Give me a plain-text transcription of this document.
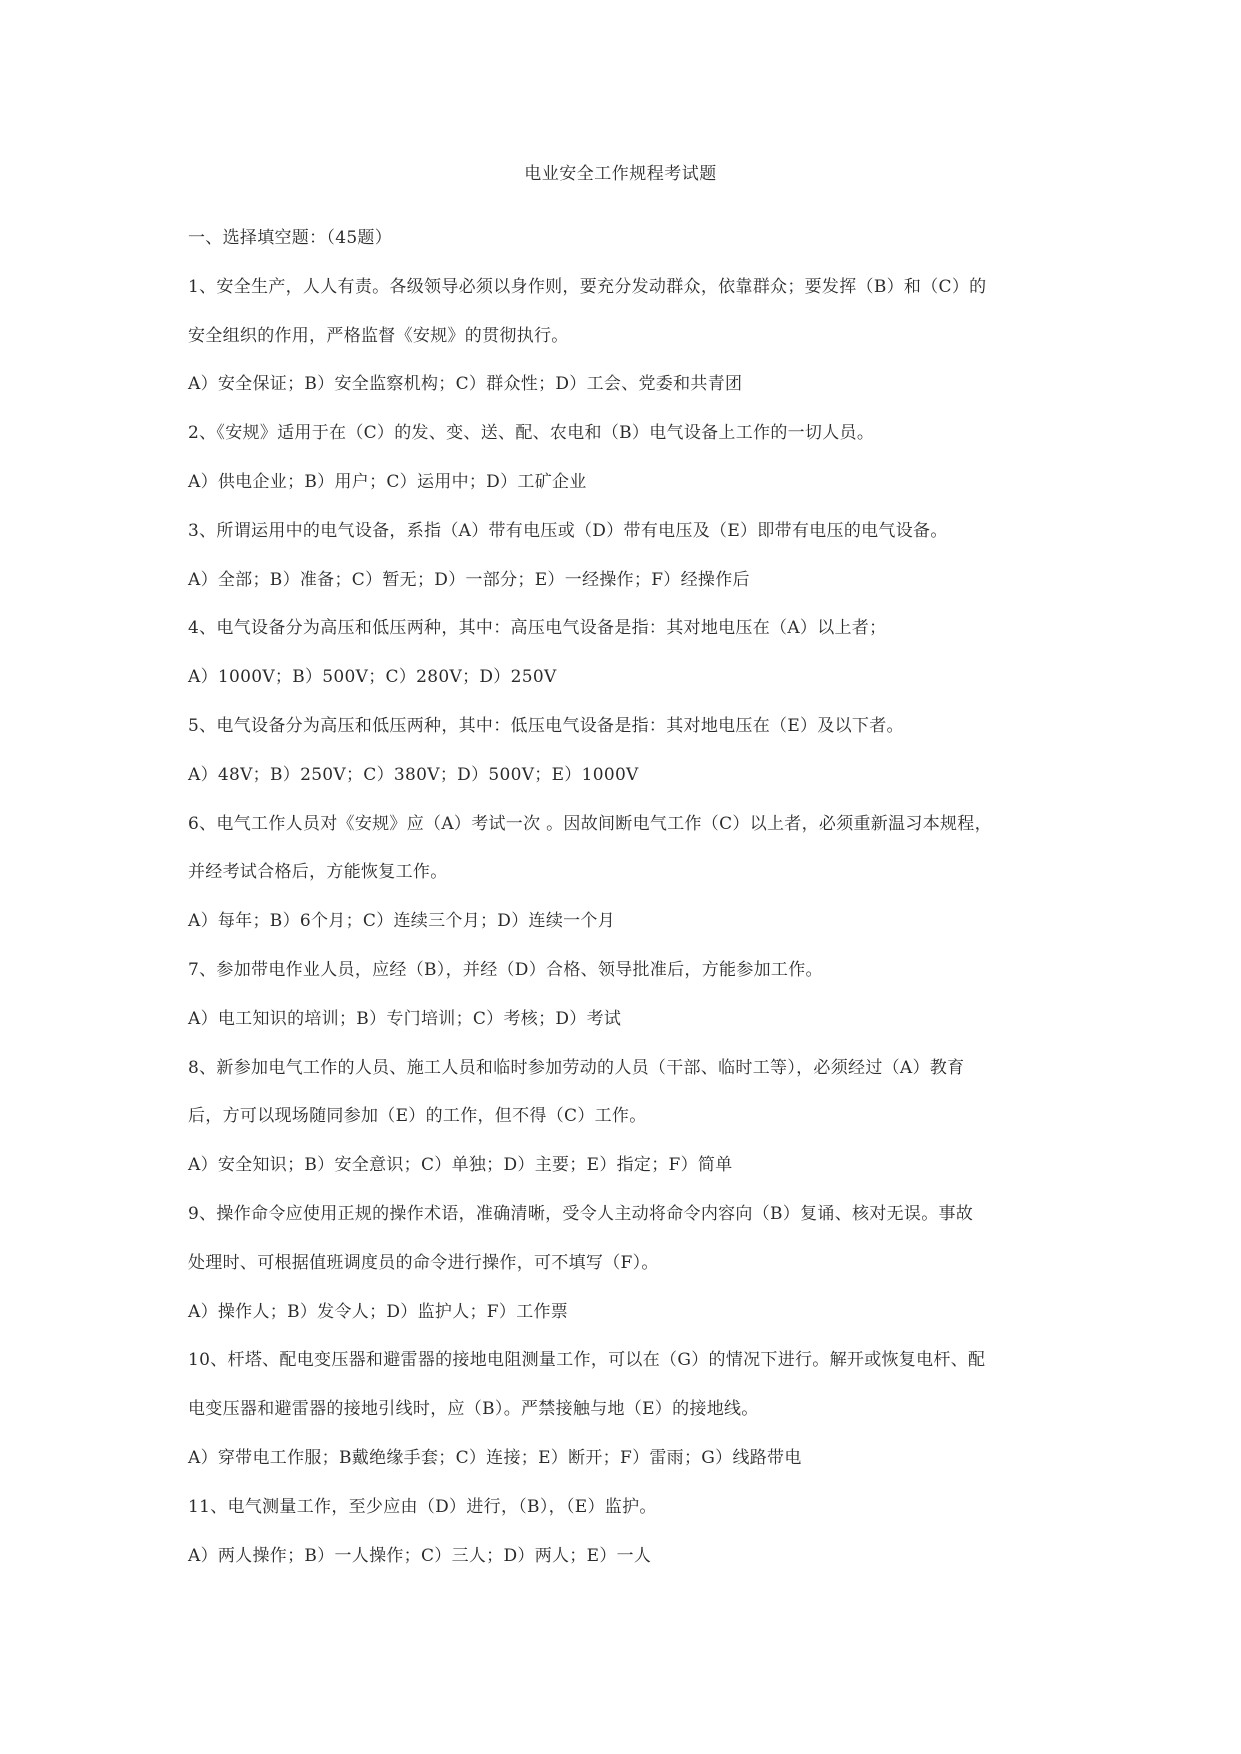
电业安全工作规程考试题
一、选择填空题：（45题）
1、安全生产，人人有责。各级领导必须以身作则，要充分发动群众，依靠群众；要发挥（B）和（C）的
安全组织的作用，严格监督《安规》的贯彻执行。
A）安全保证；B）安全监察机构；C）群众性；D）工会、党委和共青团
2、《安规》适用于在（C）的发、变、送、配、农电和（B）电气设备上工作的一切人员。
A）供电企业；B）用户；C）运用中；D）工矿企业
3、所谓运用中的电气设备，系指（A）带有电压或（D）带有电压及（E）即带有电压的电气设备。
A）全部；B）准备；C）暂无；D）一部分；E）一经操作；F）经操作后
4、电气设备分为高压和低压两种，其中：高压电气设备是指：其对地电压在（A）以上者；
A）1000V；B）500V；C）280V；D）250V
5、电气设备分为高压和低压两种，其中：低压电气设备是指：其对地电压在（E）及以下者。
A）48V；B）250V；C）380V；D）500V；E）1000V
6、电气工作人员对《安规》应（A）考试一次 。因故间断电气工作（C）以上者，必须重新温习本规程，
并经考试合格后，方能恢复工作。
A）每年；B）6个月；C）连续三个月；D）连续一个月
7、参加带电作业人员，应经（B），并经（D）合格、领导批准后，方能参加工作。
A）电工知识的培训；B）专门培训；C）考核；D）考试
8、新参加电气工作的人员、施工人员和临时参加劳动的人员（干部、临时工等），必须经过（A）教育
后，方可以现场随同参加（E）的工作，但不得（C）工作。
A）安全知识；B）安全意识；C）单独；D）主要；E）指定；F）简单
9、操作命令应使用正规的操作术语，准确清晰，受令人主动将命令内容向（B）复诵、核对无误。事故
处理时、可根据值班调度员的命令进行操作，可不填写（F）。
A）操作人；B）发令人；D）监护人；F）工作票
10、杆塔、配电变压器和避雷器的接地电阻测量工作，可以在（G）的情况下进行。解开或恢复电杆、配
电变压器和避雷器的接地引线时，应（B）。严禁接触与地（E）的接地线。
A）穿带电工作服；B戴绝缘手套；C）连接；E）断开；F）雷雨；G）线路带电
11、电气测量工作，至少应由（D）进行，（B），（E）监护。
A）两人操作；B）一人操作；C）三人；D）两人；E）一人
